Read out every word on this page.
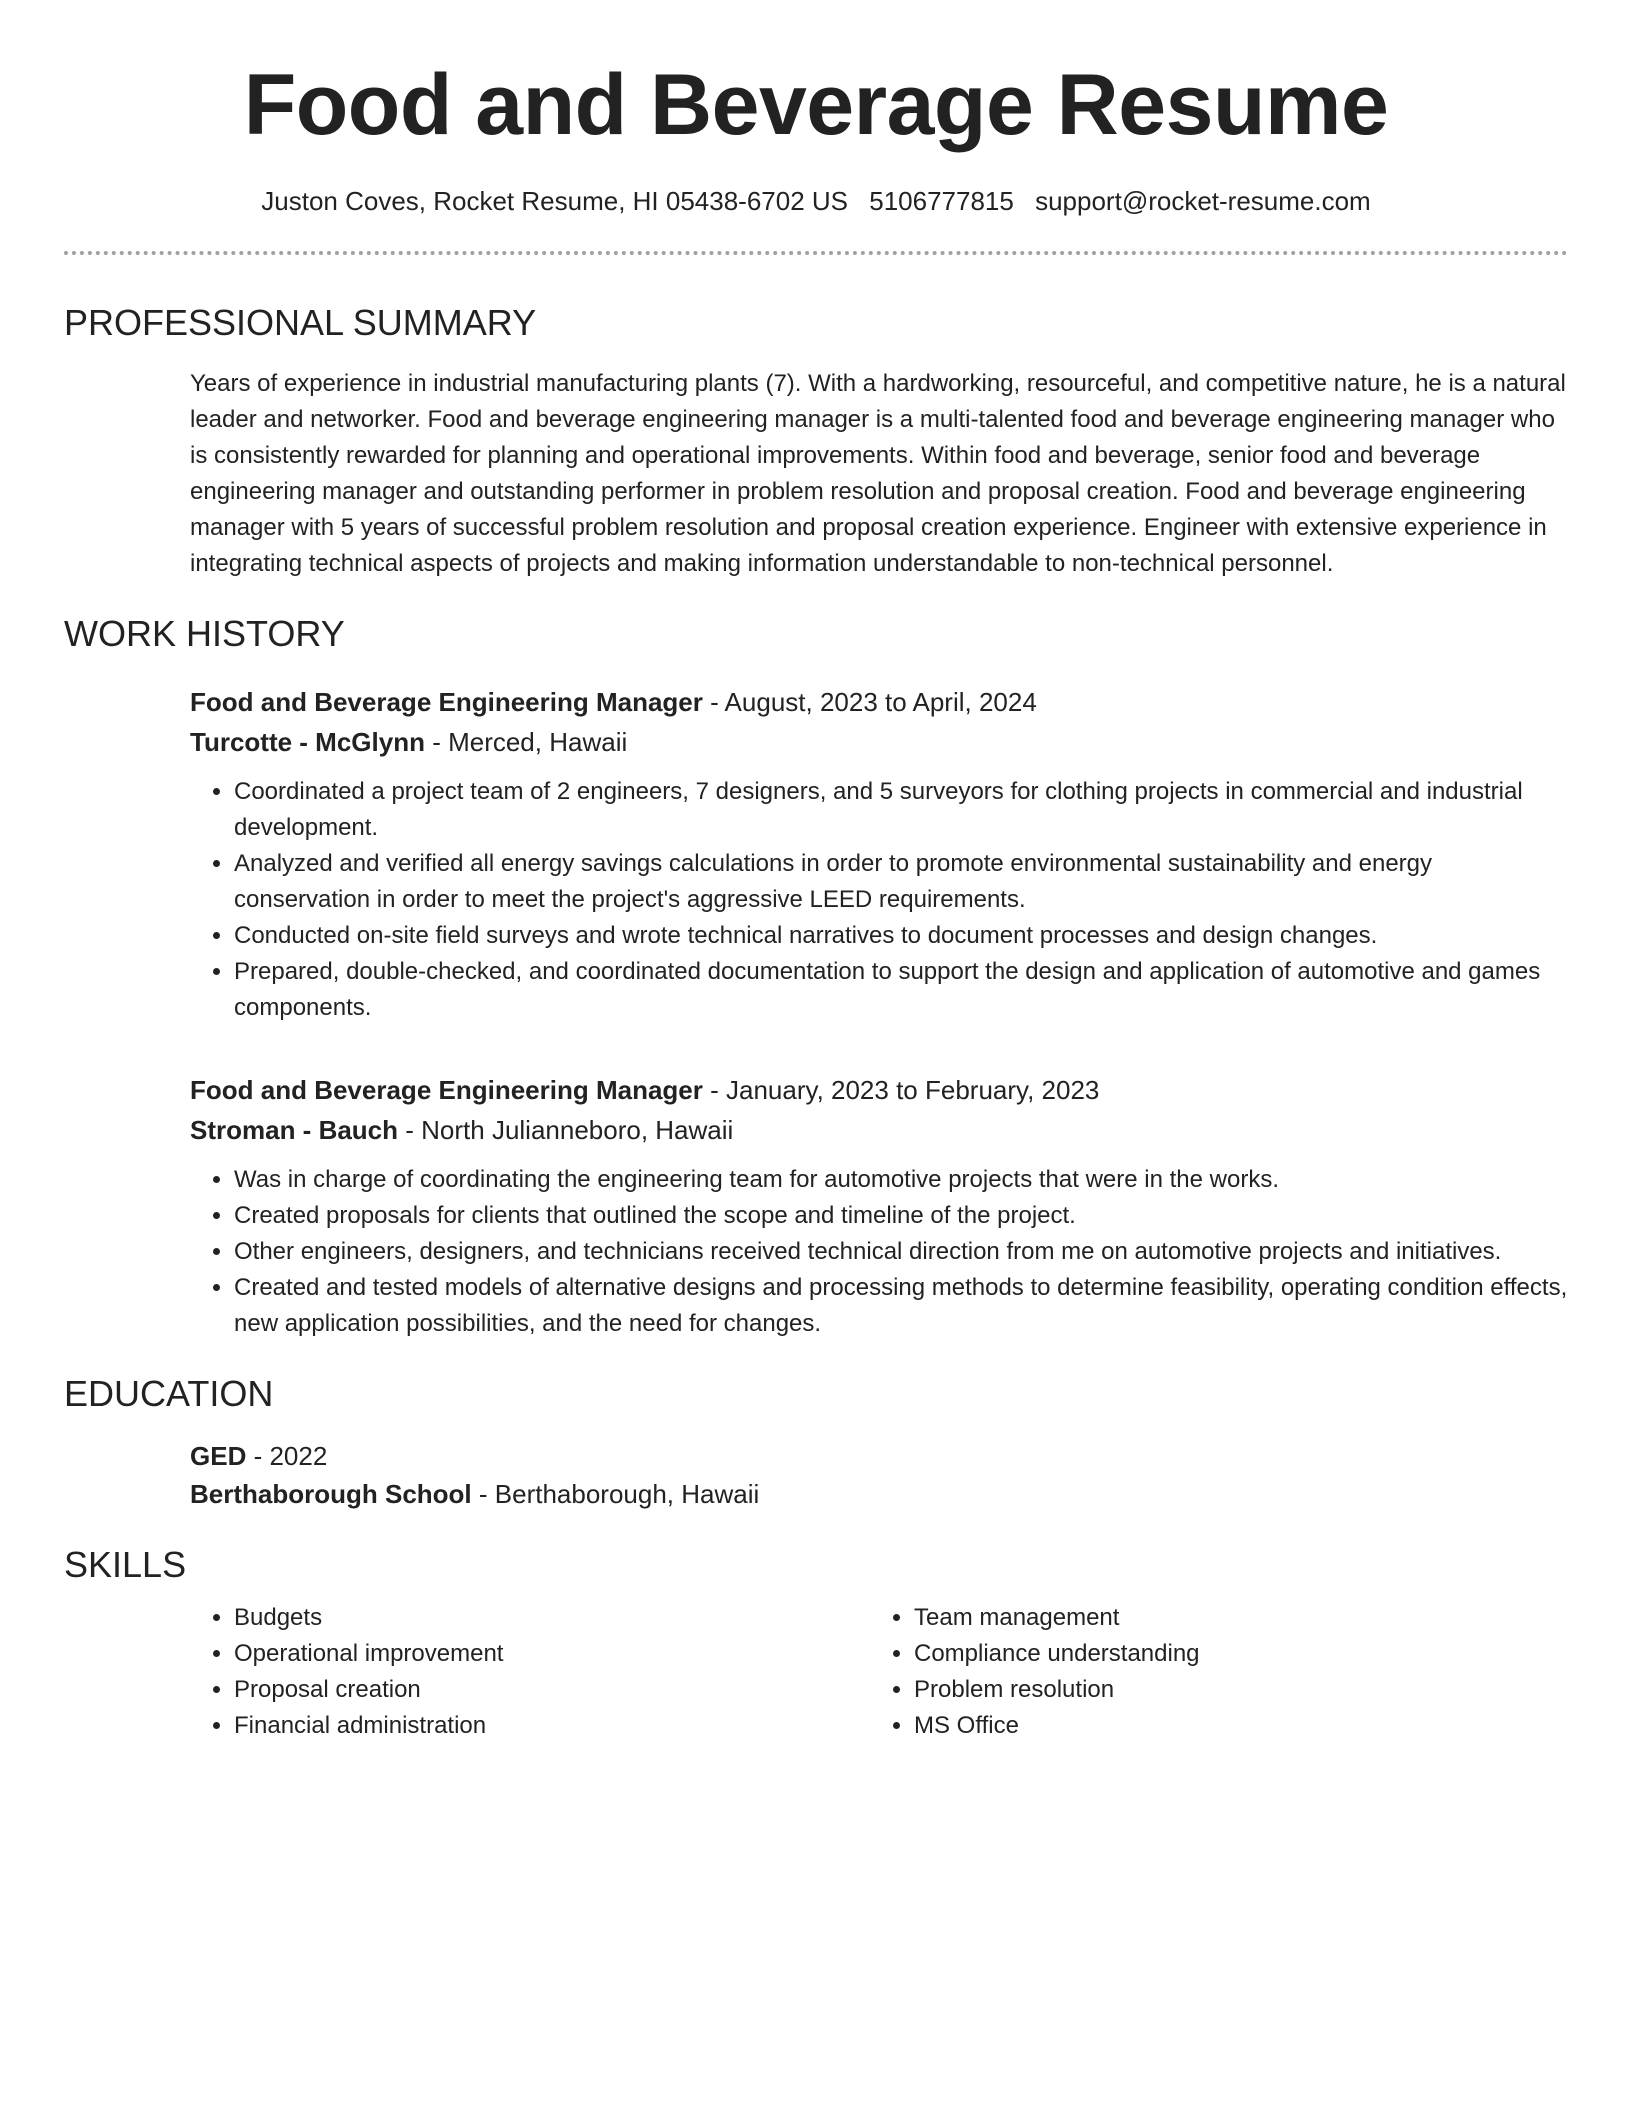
Food and Beverage Resume
Juston Coves, Rocket Resume, HI 05438-6702 US 5106777815 support@rocket-resume.com
PROFESSIONAL SUMMARY

Years of experience in industrial manufacturing plants (7). With a hardworking, resourceful, and competitive nature, he is a natural leader and networker. Food and beverage engineering manager is a multi-talented food and beverage engineering manager who is consistently rewarded for planning and operational improvements. Within food and beverage, senior food and beverage engineering manager and outstanding performer in problem resolution and proposal creation. Food and beverage engineering manager with 5 years of successful problem resolution and proposal creation experience. Engineer with extensive experience in integrating technical aspects of projects and making information understandable to non-technical personnel.

WORK HISTORY
Food and Beverage Engineering Manager - August, 2023 to April, 2024
Turcotte - McGlynn - Merced, Hawaii
• Coordinated a project team of 2 engineers, 7 designers, and 5 surveyors for clothing projects in commercial and industrial development.
• Analyzed and verified all energy savings calculations in order to promote environmental sustainability and energy conservation in order to meet the project's aggressive LEED requirements.
• Conducted on-site field surveys and wrote technical narratives to document processes and design changes.
• Prepared, double-checked, and coordinated documentation to support the design and application of automotive and games components.
Food and Beverage Engineering Manager - January, 2023 to February, 2023
Stroman - Bauch - North Julianneboro, Hawaii
• Was in charge of coordinating the engineering team for automotive projects that were in the works.
• Created proposals for clients that outlined the scope and timeline of the project.
• Other engineers, designers, and technicians received technical direction from me on automotive projects and initiatives.
• Created and tested models of alternative designs and processing methods to determine feasibility, operating condition effects, new application possibilities, and the need for changes.
EDUCATION
GED - 2022
Berthaborough School - Berthaborough, Hawaii
SKILLS
• Budgets
• Operational improvement
• Proposal creation
• Financial administration
• Team management
• Compliance understanding
• Problem resolution
• MS Office
